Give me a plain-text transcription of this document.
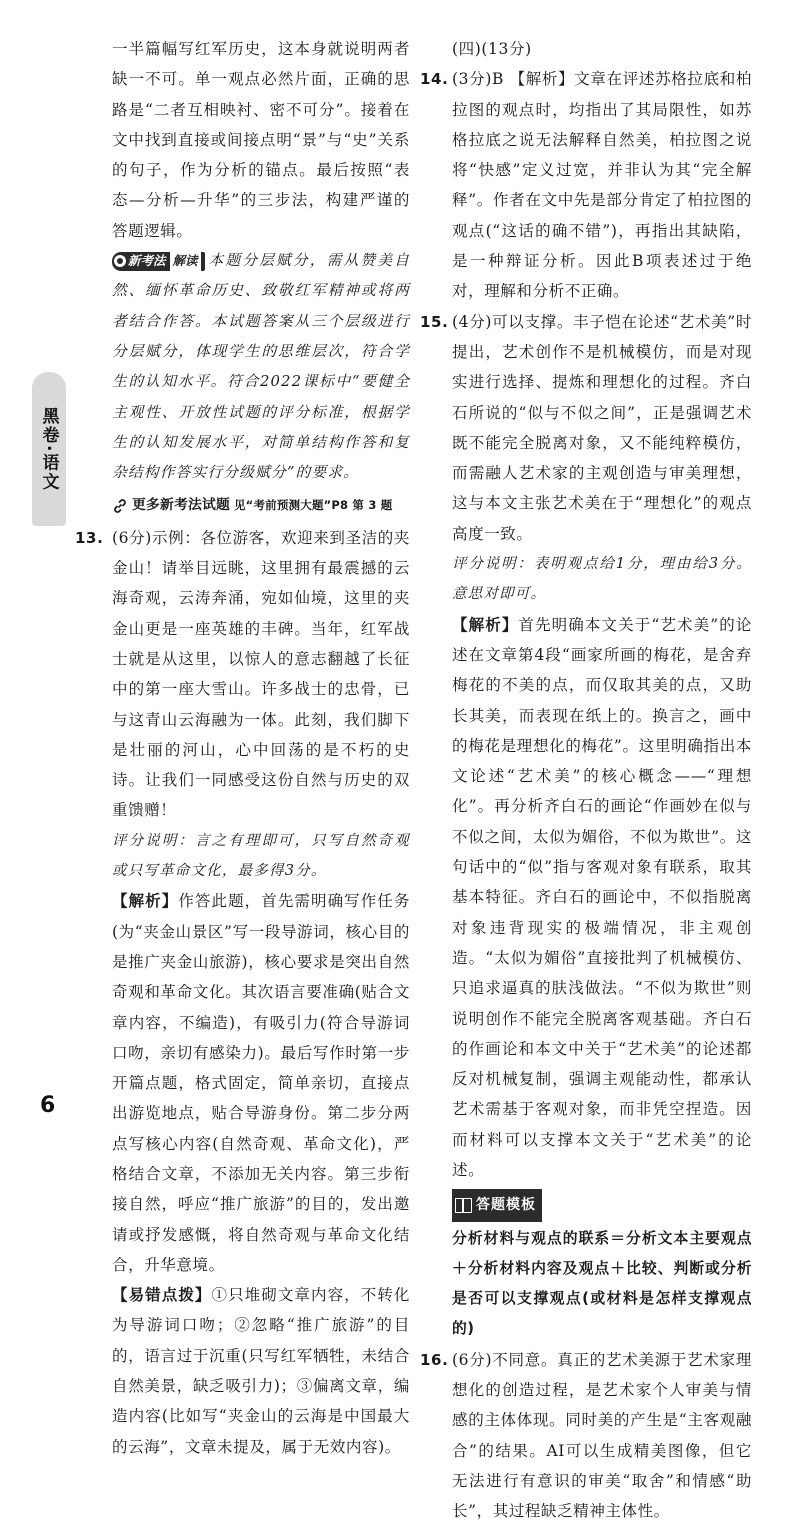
黑卷·语文

一半篇幅写红军历史，这本身就说明两者缺一不可。单一观点必然片面，正确的思路是“二者互相映衬、密不可分”。接着在文中找到直接或间接点明“景”与“史”关系的句子，作为分析的锚点。最后按照“表态—分析—升华”的三步法，构建严谨的答题逻辑。

新考法 解读 本题分层赋分，需从赞美自然、缅怀革命历史、致敬红军精神或将两者结合作答。本试题答案从三个层级进行分层赋分，体现学生的思维层次，符合学生的认知水平。符合2022课标中“要健全主观性、开放性试题的评分标准，根据学生的认知发展水平，对简单结构作答和复杂结构作答实行分级赋分”的要求。

更多新考法试题 见“考前预测大题”P8 第 3 题
13. (6分)示例：各位游客，欢迎来到圣洁的夹金山！请举目远眺，这里拥有最震撼的云海奇观，云涛奔涌，宛如仙境，这里的夹金山更是一座英雄的丰碑。当年，红军战士就是从这里，以惊人的意志翻越了长征中的第一座大雪山。许多战士的忠骨，已与这青山云海融为一体。此刻，我们脚下是壮丽的河山，心中回荡的是不朽的史诗。让我们一同感受这份自然与历史的双重馈赠！

评分说明：言之有理即可，只写自然奇观或只写革命文化，最多得3分。

【解析】作答此题，首先需明确写作任务(为“夹金山景区”写一段导游词，核心目的是推广夹金山旅游)，核心要求是突出自然奇观和革命文化。其次语言要准确(贴合文章内容，不编造)，有吸引力(符合导游词口吻，亲切有感染力)。最后写作时第一步开篇点题，格式固定，简单亲切，直接点出游览地点，贴合导游身份。第二步分两点写核心内容(自然奇观、革命文化)，严格结合文章，不添加无关内容。第三步衔接自然，呼应“推广旅游”的目的，发出邀请或抒发感慨，将自然奇观与革命文化结合，升华意境。

【易错点拨】①只堆砌文章内容，不转化为导游词口吻；②忽略“推广旅游”的目的，语言过于沉重(只写红军牺牲，未结合自然美景，缺乏吸引力)；③偏离文章，编造内容(比如写“夹金山的云海是中国最大的云海”，文章未提及，属于无效内容)。

(四)(13分)

14. (3分)B 【解析】文章在评述苏格拉底和柏拉图的观点时，均指出了其局限性，如苏格拉底之说无法解释自然美，柏拉图之说将“快感”定义过宽，并非认为其“完全解释”。作者在文中先是部分肯定了柏拉图的观点(“这话的确不错”)，再指出其缺陷，是一种辩证分析。因此B项表述过于绝对，理解和分析不正确。

15. (4分)可以支撑。丰子恺在论述“艺术美”时提出，艺术创作不是机械模仿，而是对现实进行选择、提炼和理想化的过程。齐白石所说的“似与不似之间”，正是强调艺术既不能完全脱离对象，又不能纯粹模仿，而需融人艺术家的主观创造与审美理想，这与本文主张艺术美在于“理想化”的观点高度一致。

评分说明：表明观点给1分，理由给3分。意思对即可。

【解析】首先明确本文关于“艺术美”的论述在文章第4段“画家所画的梅花，是舍弃梅花的不美的点，而仅取其美的点，又助长其美，而表现在纸上的。换言之，画中的梅花是理想化的梅花”。这里明确指出本文论述“艺术美”的核心概念——“理想化”。再分析齐白石的画论“作画妙在似与不似之间，太似为媚俗，不似为欺世”。这句话中的“似”指与客观对象有联系，取其基本特征。齐白石的画论中，不似指脱离对象违背现实的极端情况，非主观创造。“太似为媚俗”直接批判了机械模仿、只追求逼真的肤浅做法。“不似为欺世”则说明创作不能完全脱离客观基础。齐白石的作画论和本文中关于“艺术美”的论述都反对机械复制，强调主观能动性，都承认艺术需基于客观对象，而非凭空捏造。因而材料可以支撑本文关于“艺术美”的论述。

答题模板

分析材料与观点的联系＝分析文本主要观点＋分析材料内容及观点＋比较、判断或分析是否可以支撑观点(或材料是怎样支撑观点的)

16. (6分)不同意。真正的艺术美源于艺术家理想化的创造过程，是艺术家个人审美与情感的主体体现。同时美的产生是“主客观融合”的结果。AI可以生成精美图像，但它无法进行有意识的审美“取舍”和情感“助长”，其过程缺乏精神主体性。

6
